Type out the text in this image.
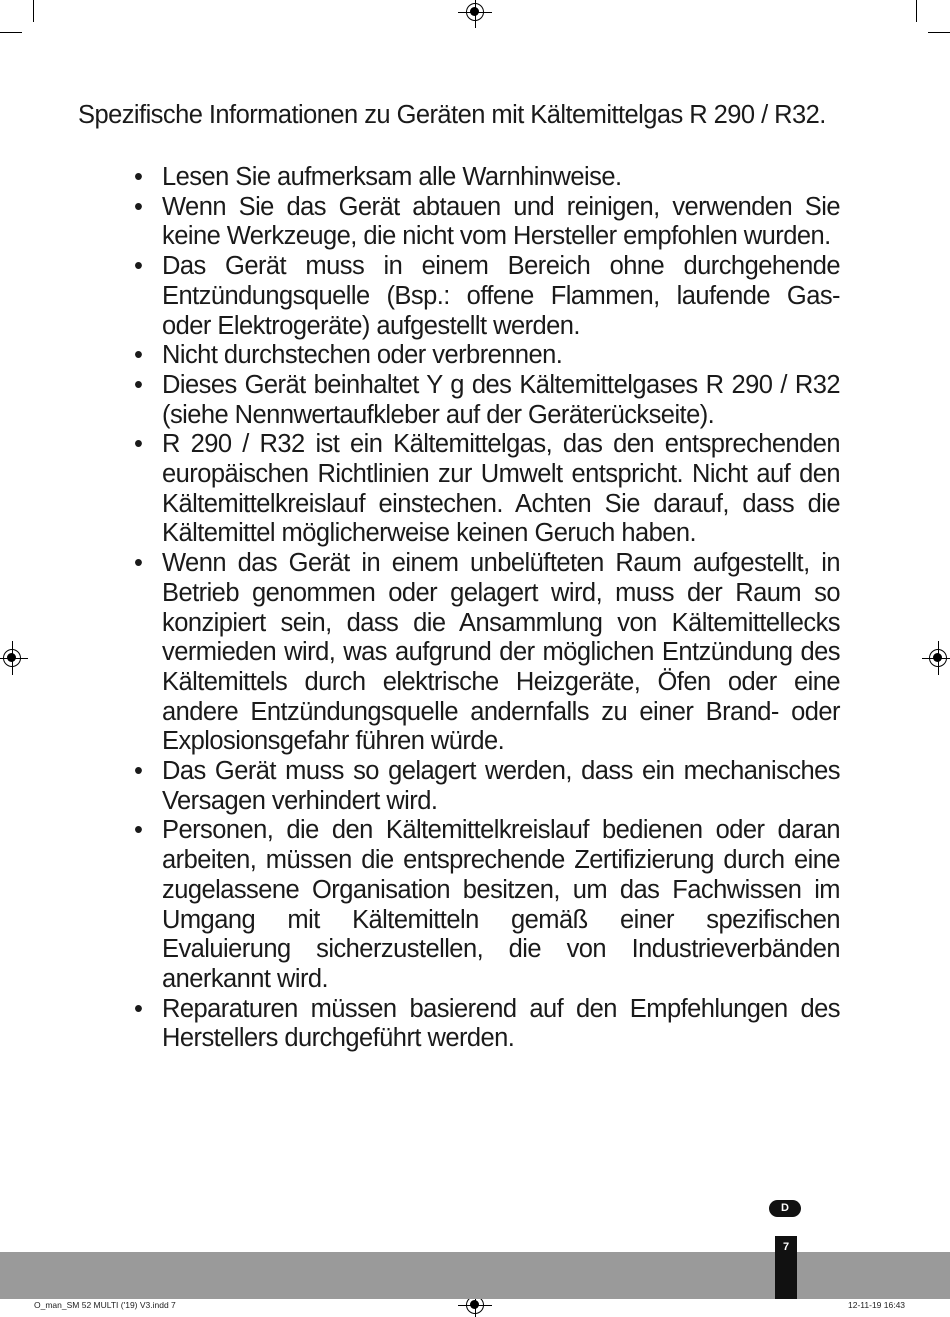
Spezifische Informationen zu Geräten mit Kältemittelgas R 290 / R32.

• Lesen Sie aufmerksam alle Warnhinweise.
• Wenn Sie das Gerät abtauen und reinigen, verwenden Sie keine Werkzeuge, die nicht vom Hersteller empfohlen wurden.
• Das Gerät muss in einem Bereich ohne durchgehende Entzündungsquelle (Bsp.: offene Flammen, laufende Gas- oder Elektrogeräte) aufgestellt werden.
• Nicht durchstechen oder verbrennen.
• Dieses Gerät beinhaltet Y g des Kältemittelgases R 290 / R32 (siehe Nennwertaufkleber auf der Geräterückseite).
• R 290 / R32 ist ein Kältemittelgas, das den entsprechenden europäischen Richtlinien zur Umwelt entspricht. Nicht auf den Kältemittelkreislauf einstechen. Achten Sie darauf, dass die Kältemittel möglicherweise keinen Geruch haben.
• Wenn das Gerät in einem unbelüfteten Raum aufgestellt, in Betrieb genommen oder gelagert wird, muss der Raum so konzipiert sein, dass die Ansammlung von Kältemittellecks vermieden wird, was aufgrund der möglichen Entzündung des Kältemittels durch elektrische Heizgeräte, Öfen oder eine andere Entzündungsquelle andernfalls zu einer Brand- oder Explosionsgefahr führen würde.
• Das Gerät muss so gelagert werden, dass ein mechanisches Versagen verhindert wird.
• Personen, die den Kältemittelkreislauf bedienen oder daran arbeiten, müssen die entsprechende Zertifizierung durch eine zugelassene Organisation besitzen, um das Fachwissen im Umgang mit Kältemitteln gemäß einer spezifischen Evaluierung sicherzustellen, die von Industrieverbänden anerkannt wird.
• Reparaturen müssen basierend auf den Empfehlungen des Herstellers durchgeführt werden.
D
7
O_man_SM 52 MULTI ('19) V3.indd 7	12-11-19 16:43
